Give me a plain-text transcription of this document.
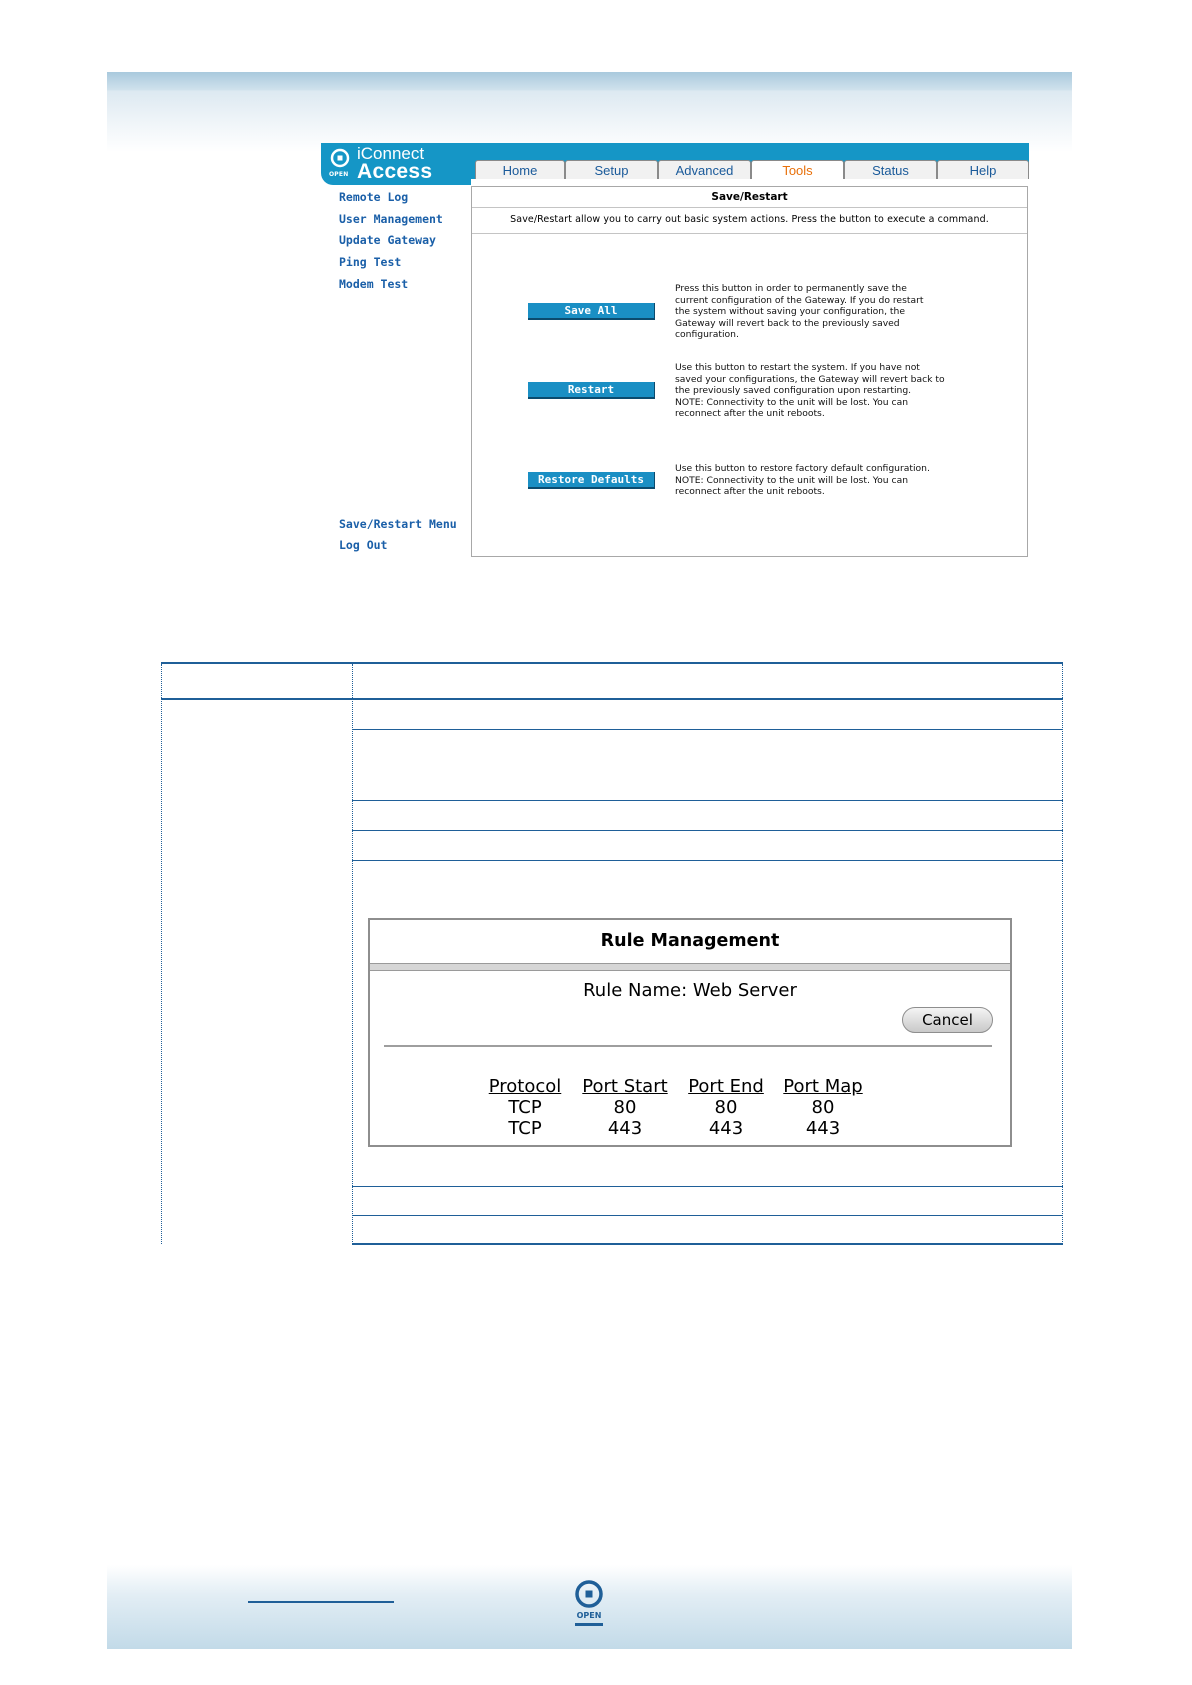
OPEN
OPEN
iConnect
Access	Home	Setup	Advanced	Tools	Status	Help
Remote Log
User Management
Update Gateway
Ping Test
Modem Test
Save/Restart Menu
Log Out
Save/Restart
Save/Restart allow you to carry out basic system actions. Press the button to execute a command.
Save All
Press this button in order to permanently save the
current configuration of the Gateway. If you do restart
the system without saving your configuration, the
Gateway will revert back to the previously saved
configuration.
Restart
Use this button to restart the system. If you have not
saved your configurations, the Gateway will revert back to
the previously saved configuration upon restarting.
NOTE: Connectivity to the unit will be lost. You can
reconnect after the unit reboots.
Restore Defaults
Use this button to restore factory default configuration.
NOTE: Connectivity to the unit will be lost. You can
reconnect after the unit reboots.
Rule Management
Rule Name: Web Server
Cancel
Protocol	Port Start	Port End	Port Map
TCP	80	80	80
TCP	443	443	443
